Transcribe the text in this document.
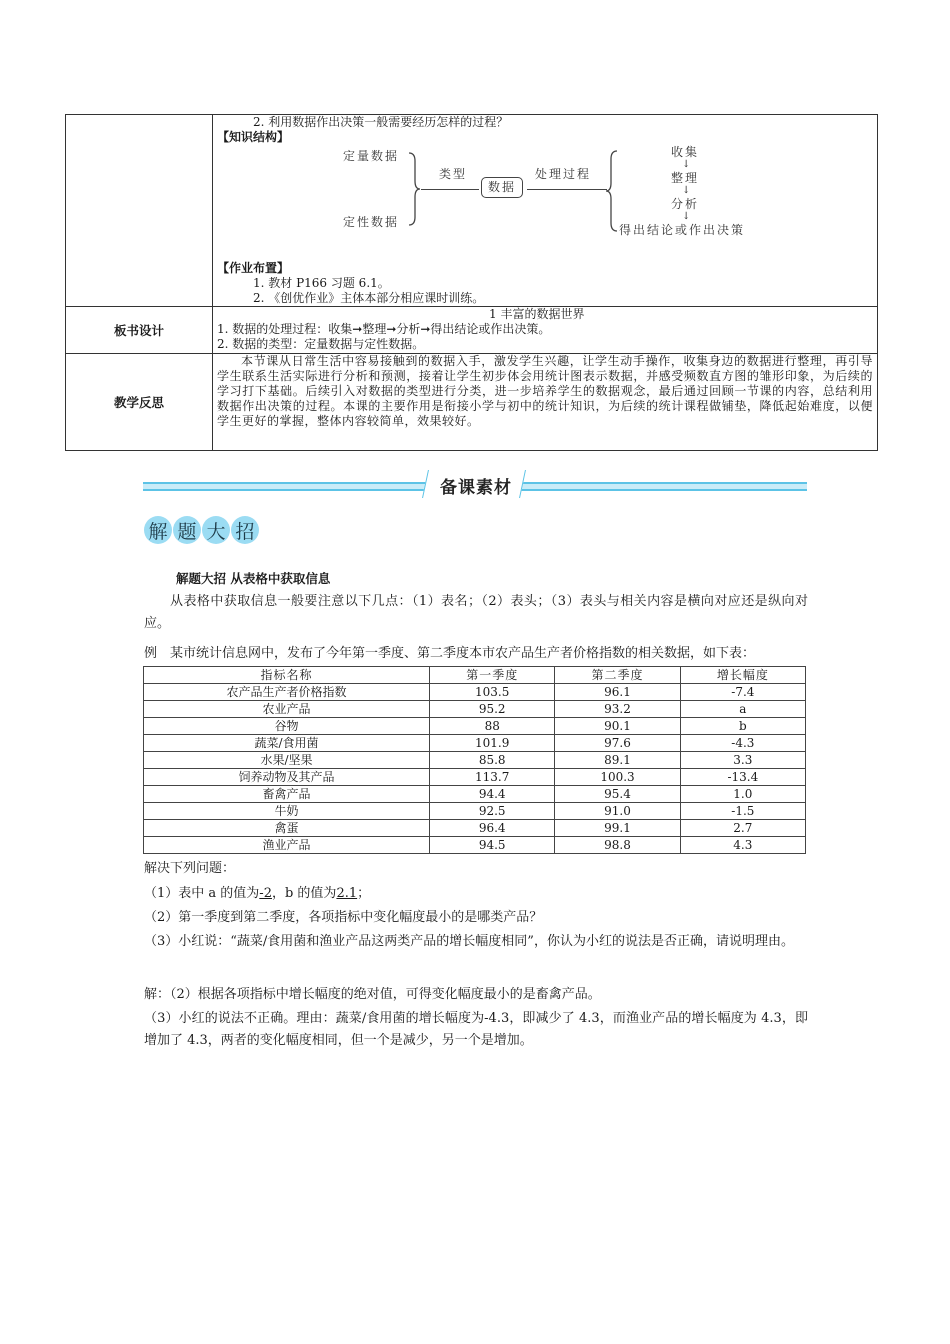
2. 利用数据作出决策一般需要经历怎样的过程？
【知识结构】
定量数据
定性数据
类型
数据
处理过程
收集
↓
整理
↓
分析
↓
得出结论或作出决策
【作业布置】
1. 教材 P166 习题 6.1。
2. 《创优作业》主体本部分相应课时训练。

板书设计	1 丰富的数据世界
1. 数据的处理过程：收集➞整理➞分析➞得出结论或作出决策。
2. 数据的类型：定量数据与定性数据。

教学反思	本节课从日常生活中容易接触到的数据入手，激发学生兴趣，让学生动手操作，收集身边的数据进行整理，再引导学生联系生活实际进行分析和预测，接着让学生初步体会用统计图表示数据，并感受频数直方图的雏形印象，为后续的学习打下基础。后续引入对数据的类型进行分类，进一步培养学生的数据观念，最后通过回顾一节课的内容，总结利用数据作出决策的过程。本课的主要作用是衔接小学与初中的统计知识，为后续的统计课程做铺垫，降低起始难度，以便学生更好的掌握，整体内容较简单，效果较好。
备课素材
解 题 大 招
解题大招 从表格中获取信息
从表格中获取信息一般要注意以下几点：（1）表名；（2）表头；（3）表头与相关内容是横向对应还是纵向对应。
例　某市统计信息网中，发布了今年第一季度、第二季度本市农产品生产者价格指数的相关数据，如下表：
指标名称	第一季度	第二季度	增长幅度
农产品生产者价格指数	103.5	96.1	-7.4
农业产品	95.2	93.2	a
谷物	88	90.1	b
蔬菜/食用菌	101.9	97.6	-4.3
水果/坚果	85.8	89.1	3.3
饲养动物及其产品	113.7	100.3	-13.4
畜禽产品	94.4	95.4	1.0
牛奶	92.5	91.0	-1.5
禽蛋	96.4	99.1	2.7
渔业产品	94.5	98.8	4.3
解决下列问题：
（1）表中 a 的值为-2，b 的值为2.1；
（2）第一季度到第二季度，各项指标中变化幅度最小的是哪类产品？
（3）小红说：“蔬菜/食用菌和渔业产品这两类产品的增长幅度相同”，你认为小红的说法是否正确，请说明理由。
解：（2）根据各项指标中增长幅度的绝对值，可得变化幅度最小的是畜禽产品。
（3）小红的说法不正确。理由：蔬菜/食用菌的增长幅度为-4.3，即减少了 4.3，而渔业产品的增长幅度为 4.3，即增加了 4.3，两者的变化幅度相同，但一个是减少，另一个是增加。
